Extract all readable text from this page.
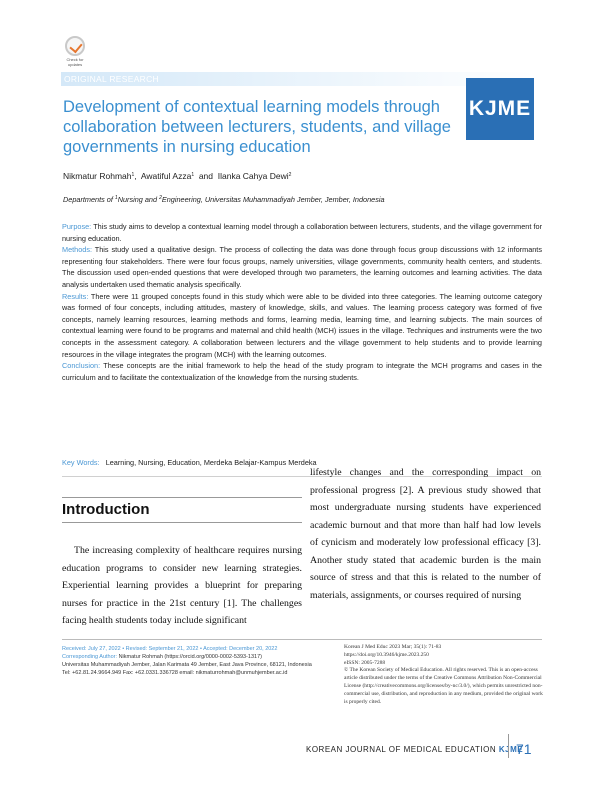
Check for updates
ORIGINAL RESEARCH
Development of contextual learning models through collaboration between lecturers, students, and village governments in nursing education
KJME
Nikmatur Rohmah$^1$,  Awatiful Azza$^1$  and  Ilanka Cahya Dewi$^2$
Departments of $^1$Nursing and $^2$Engineering, Universitas Muhammadiyah Jember, Jember, Indonesia

Purpose: This study aims to develop a contextual learning model through a collaboration between lecturers, students, and the village government for nursing education.

Methods: This study used a qualitative design. The process of collecting the data was done through focus group discussions with 12 informants representing four stakeholders. There were four focus groups, namely universities, village governments, community health centers, and students. The discussion used open-ended questions that were developed through two parameters, the learning outcomes and learning activities. The data analysis undertaken used thematic analysis specifically.

Results: There were 11 grouped concepts found in this study which were able to be divided into three categories. The learning outcome category was formed of four concepts, including attitudes, mastery of knowledge, skills, and values. The learning process category was formed of five concepts, namely learning resources, learning methods and forms, learning media, learning time, and learning subjects. The main sources of contextual learning were found to be programs and maternal and child health (MCH) issues in the village. Techniques and instruments were the two concepts in the assessment category. A collaboration between lecturers and the village government to help students and to provide learning resources in the village integrates the program (MCH) with the learning outcomes.

Conclusion: These concepts are the initial framework to help the head of the study program to integrate the MCH programs and cases in the curriculum and to facilitate the contextualization of the knowledge from the nursing students.

Key Words: Learning, Nursing, Education, Merdeka Belajar-Kampus Merdeka
Introduction

The increasing complexity of healthcare requires nursing education programs to consider new learning strategies. Experiential learning provides a blueprint for preparing nurses for practice in the 21st century [1]. The challenges facing health students today include significant

lifestyle changes and the corresponding impact on professional progress [2]. A previous study showed that most undergraduate nursing students have experienced academic burnout and that more than half had low levels of cynicism and moderately low professional efficacy [3]. Another study stated that academic burden is the main source of stress and that this is related to the number of materials, assignments, or courses required of nursing

Received: July 27, 2022 • Revised: September 21, 2022 • Accepted: December 20, 2022
Corresponding Author: Nikmatur Rohmah (https://orcid.org/0000-0002-5393-1317)
Universitas Muhammadiyah Jember, Jalan Karimata 49 Jember, East Java Province, 68121, Indonesia
Tel: +62.81.24.9664.949 Fax: +62.0331.336728 email: nikmaturrohmah@unmuhjember.ac.id
Korean J Med Educ 2023 Mar; 35(1): 71-83
https://doi.org/10.3946/kjme.2023.250
eISSN: 2005-7288
© The Korean Society of Medical Education. All rights reserved. This is an open-access article distributed under the terms of the Creative Commons Attribution Non-Commercial License (http://creativecommons.org/licenses/by-nc/3.0/), which permits unrestricted non-commercial use, distribution, and reproduction in any medium, provided the original work is properly cited.
KOREAN JOURNAL OF MEDICAL EDUCATION KJME
71
